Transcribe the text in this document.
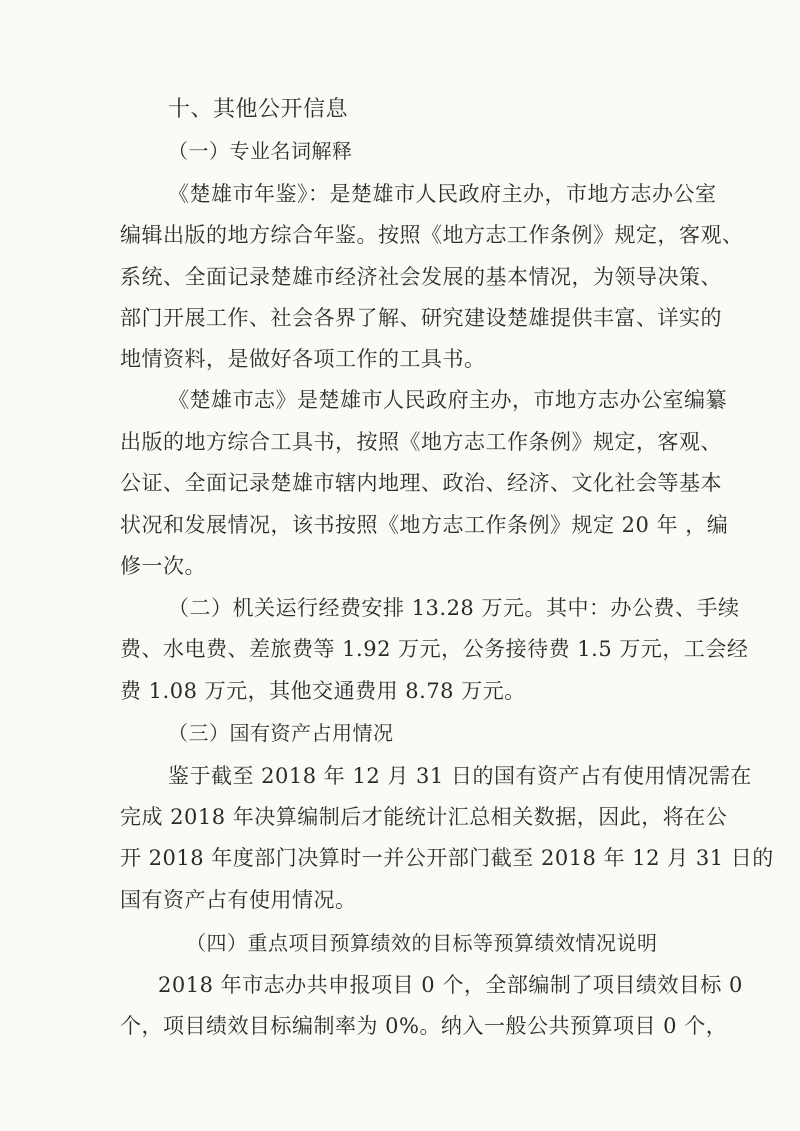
十、其他公开信息
（一）专业名词解释
《楚雄市年鉴》：是楚雄市人民政府主办，市地方志办公室
编辑出版的地方综合年鉴。按照《地方志工作条例》规定，客观、
系统、全面记录楚雄市经济社会发展的基本情况，为领导决策、
部门开展工作、社会各界了解、研究建设楚雄提供丰富、详实的
地情资料，是做好各项工作的工具书。
《楚雄市志》是楚雄市人民政府主办，市地方志办公室编纂
出版的地方综合工具书，按照《地方志工作条例》规定，客观、
公证、全面记录楚雄市辖内地理、政治、经济、文化社会等基本
状况和发展情况，该书按照《地方志工作条例》规定 20 年 ，编
修一次。
（二）机关运行经费安排 13.28 万元。其中：办公费、手续
费、水电费、差旅费等 1.92 万元，公务接待费 1.5 万元，工会经
费 1.08 万元，其他交通费用 8.78 万元。
（三）国有资产占用情况
鉴于截至 2018 年 12 月 31 日的国有资产占有使用情况需在
完成 2018 年决算编制后才能统计汇总相关数据，因此，将在公
开 2018 年度部门决算时一并公开部门截至 2018 年 12 月 31 日的
国有资产占有使用情况。
（四）重点项目预算绩效的目标等预算绩效情况说明
2018 年市志办共申报项目 0 个，全部编制了项目绩效目标 0
个，项目绩效目标编制率为 0%。纳入一般公共预算项目 0 个，
